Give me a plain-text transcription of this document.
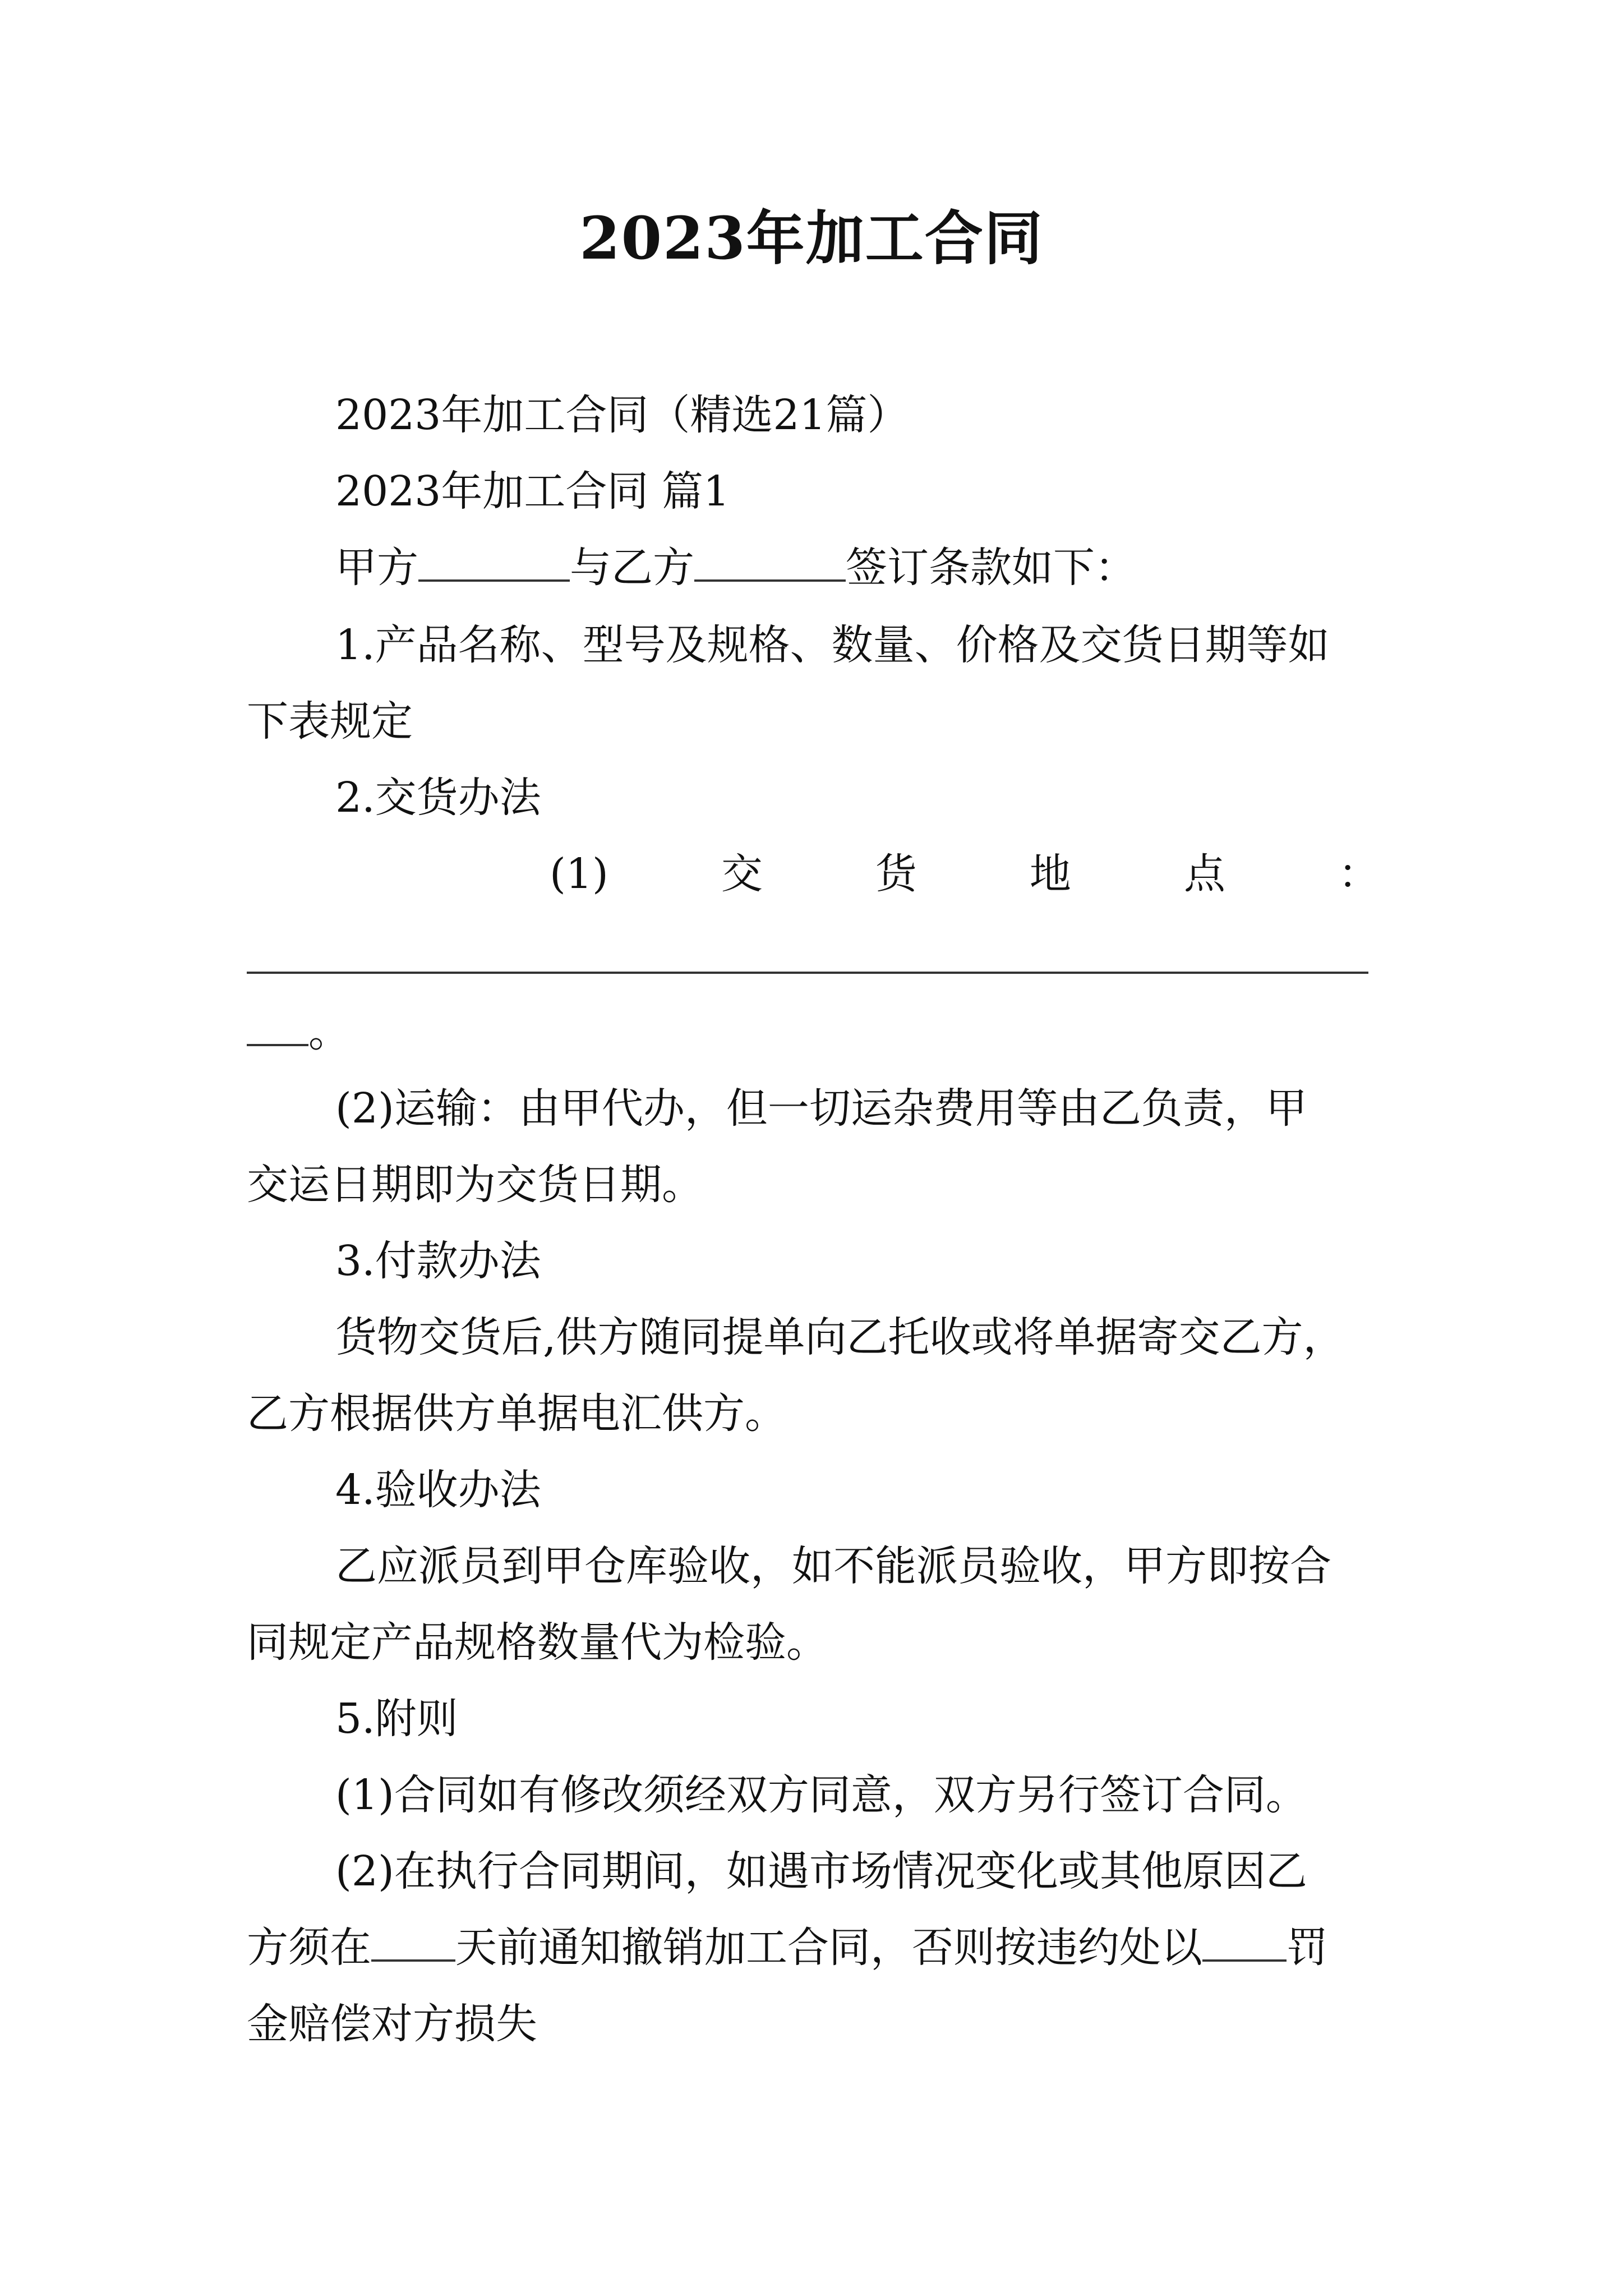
2023年加工合同
2023年加工合同（精选21篇）
2023年加工合同 篇1
甲方	与乙方	签订条款如下：
1.产品名称、型号及规格、数量、价格及交货日期等如
下表规定
2.交货办法
(1)	交	货	地	点	：
。
(2)运输：由甲代办，但一切运杂费用等由乙负责，甲
交运日期即为交货日期。
3.付款办法
货物交货后,供方随同提单向乙托收或将单据寄交乙方，
乙方根据供方单据电汇供方。
4.验收办法
乙应派员到甲仓库验收，如不能派员验收，甲方即按合
同规定产品规格数量代为检验。
5.附则
(1)合同如有修改须经双方同意，双方另行签订合同。
(2)在执行合同期间，如遇市场情况变化或其他原因乙
方须在 天前通知撤销加工合同，否则按违约处以 罚
金赔偿对方损失
